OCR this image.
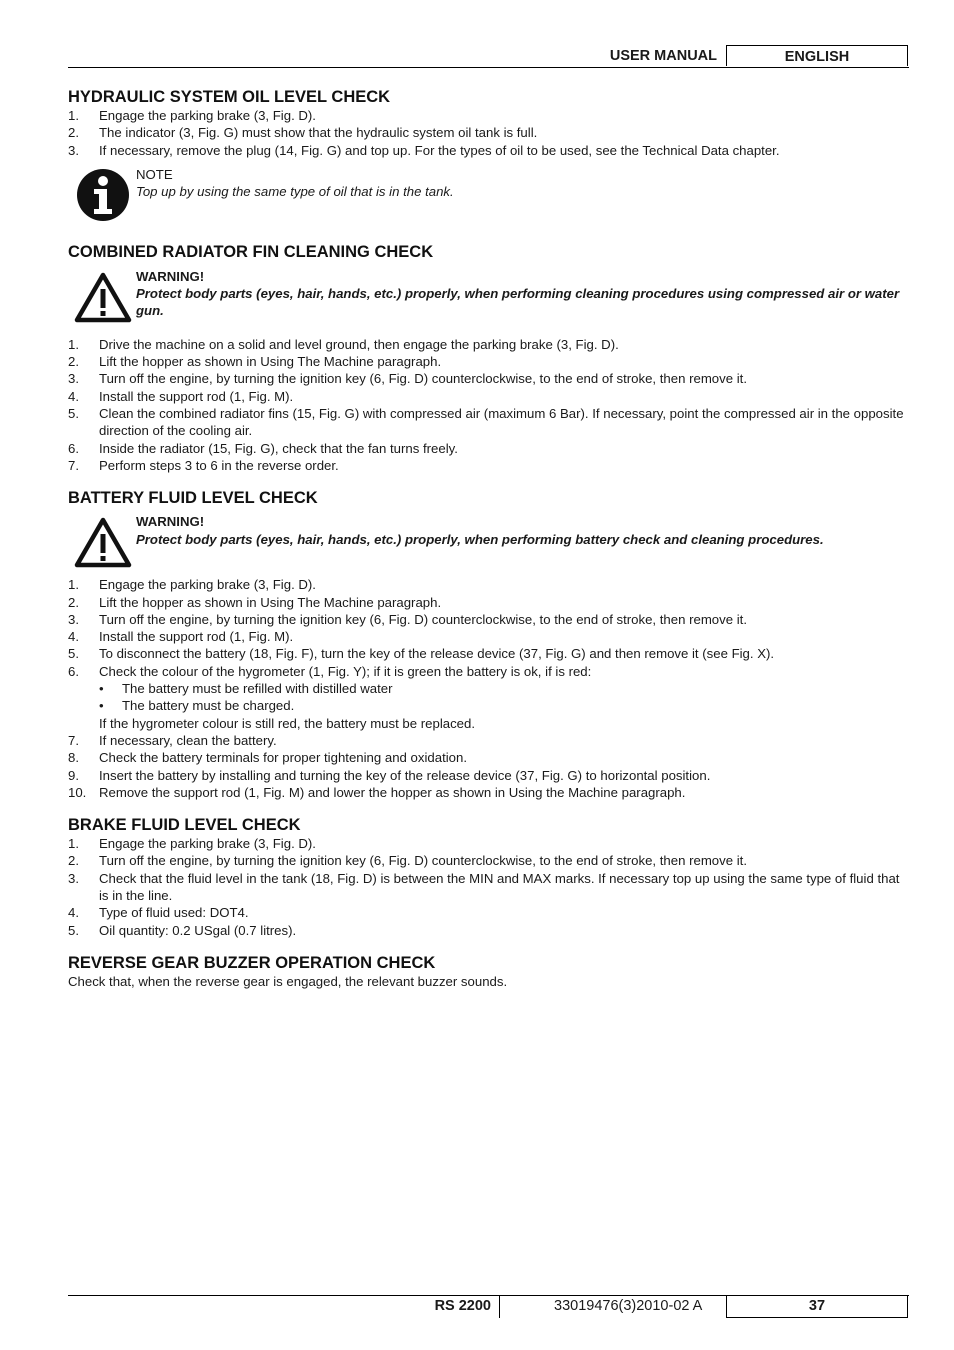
USER MANUAL	ENGLISH
HYDRAULIC SYSTEM OIL LEVEL CHECK
1. Engage the parking brake (3, Fig. D).
2. The indicator (3, Fig. G) must show that the hydraulic system oil tank is full.
3. If necessary, remove the plug (14, Fig. G) and top up. For the types of oil to be used, see the Technical Data chapter.
NOTE
Top up by using the same type of oil that is in the tank.
COMBINED RADIATOR FIN CLEANING CHECK
WARNING!
Protect body parts (eyes, hair, hands, etc.) properly, when performing cleaning procedures using compressed air or water gun.
1. Drive the machine on a solid and level ground, then engage the parking brake (3, Fig. D).
2. Lift the hopper as shown in Using The Machine paragraph.
3. Turn off the engine, by turning the ignition key (6, Fig. D) counterclockwise, to the end of stroke, then remove it.
4. Install the support rod (1, Fig. M).
5. Clean the combined radiator fins (15, Fig. G) with compressed air (maximum 6 Bar). If necessary, point the compressed air in the opposite direction of the cooling air.
6. Inside the radiator (15, Fig. G), check that the fan turns freely.
7. Perform steps 3 to 6 in the reverse order.
BATTERY FLUID LEVEL CHECK
WARNING!
Protect body parts (eyes, hair, hands, etc.) properly, when performing battery check and cleaning procedures.
1. Engage the parking brake (3, Fig. D).
2. Lift the hopper as shown in Using The Machine paragraph.
3. Turn off the engine, by turning the ignition key (6, Fig. D) counterclockwise, to the end of stroke, then remove it.
4. Install the support rod (1, Fig. M).
5. To disconnect the battery (18, Fig. F), turn the key of the release device (37, Fig. G) and then remove it (see Fig. X).
6. Check the colour of the hygrometer (1, Fig. Y); if it is green the battery is ok, if is red:
• The battery must be refilled with distilled water
• The battery must be charged.
If the hygrometer colour is still red, the battery must be replaced.
7. If necessary, clean the battery.
8. Check the battery terminals for proper tightening and oxidation.
9. Insert the battery by installing and turning the key of the release device (37, Fig. G) to horizontal position.
10. Remove the support rod (1, Fig. M) and lower the hopper as shown in Using the Machine paragraph.
BRAKE FLUID LEVEL CHECK
1. Engage the parking brake (3, Fig. D).
2. Turn off the engine, by turning the ignition key (6, Fig. D) counterclockwise, to the end of stroke, then remove it.
3. Check that the fluid level in the tank (18, Fig. D) is between the MIN and MAX marks. If necessary top up using the same type of fluid that is in the line.
4. Type of fluid used: DOT4.
5. Oil quantity: 0.2 USgal (0.7 litres).
REVERSE GEAR BUZZER OPERATION CHECK
Check that, when the reverse gear is engaged, the relevant buzzer sounds.
RS 2200	33019476(3)2010-02 A	37
